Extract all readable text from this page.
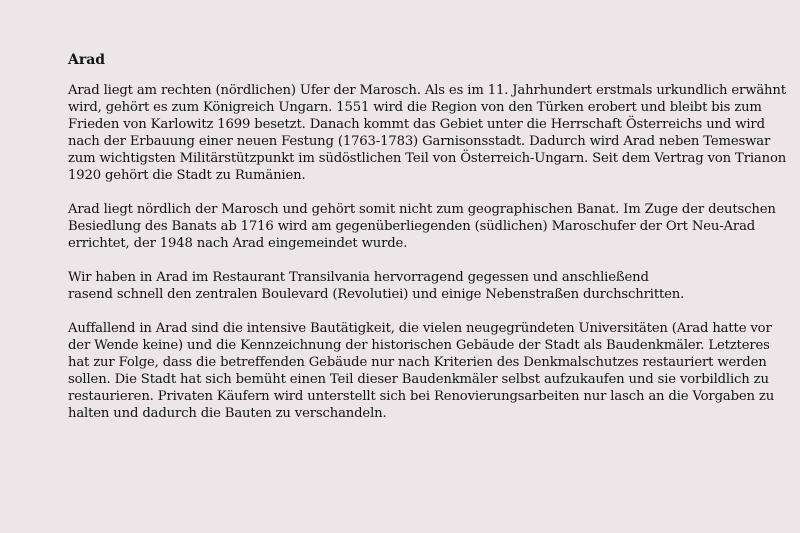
Arad

Arad liegt am rechten (nördlichen) Ufer der Marosch. Als es im 11. Jahrhundert erstmals urkundlich erwähnt
wird, gehört es zum Königreich Ungarn. 1551 wird die Region von den Türken erobert und bleibt bis zum
Frieden von Karlowitz 1699 besetzt. Danach kommt das Gebiet unter die Herrschaft Österreichs und wird
nach der Erbauung einer neuen Festung (1763-1783) Garnisonsstadt. Dadurch wird Arad neben Temeswar
zum wichtigsten Militärstützpunkt im südöstlichen Teil von Österreich-Ungarn. Seit dem Vertrag von Trianon
1920 gehört die Stadt zu Rumänien.

Arad liegt nördlich der Marosch und gehört somit nicht zum geographischen Banat. Im Zuge der deutschen
Besiedlung des Banats ab 1716 wird am gegenüberliegenden (südlichen) Maroschufer der Ort Neu-Arad
errichtet, der 1948 nach Arad eingemeindet wurde.

Wir haben in Arad im Restaurant Transilvania hervorragend gegessen und anschließend
rasend schnell den zentralen Boulevard (Revolutiei) und einige Nebenstraßen durchschritten.

Auffallend in Arad sind die intensive Bautätigkeit, die vielen neugegründeten Universitäten (Arad hatte vor
der Wende keine) und die Kennzeichnung der historischen Gebäude der Stadt als Baudenkmäler. Letzteres
hat zur Folge, dass die betreffenden Gebäude nur nach Kriterien des Denkmalschutzes restauriert werden
sollen. Die Stadt hat sich bemüht einen Teil dieser Baudenkmäler selbst aufzukaufen und sie vorbildlich zu
restaurieren. Privaten Käufern wird unterstellt sich bei Renovierungsarbeiten nur lasch an die Vorgaben zu
halten und dadurch die Bauten zu verschandeln.
